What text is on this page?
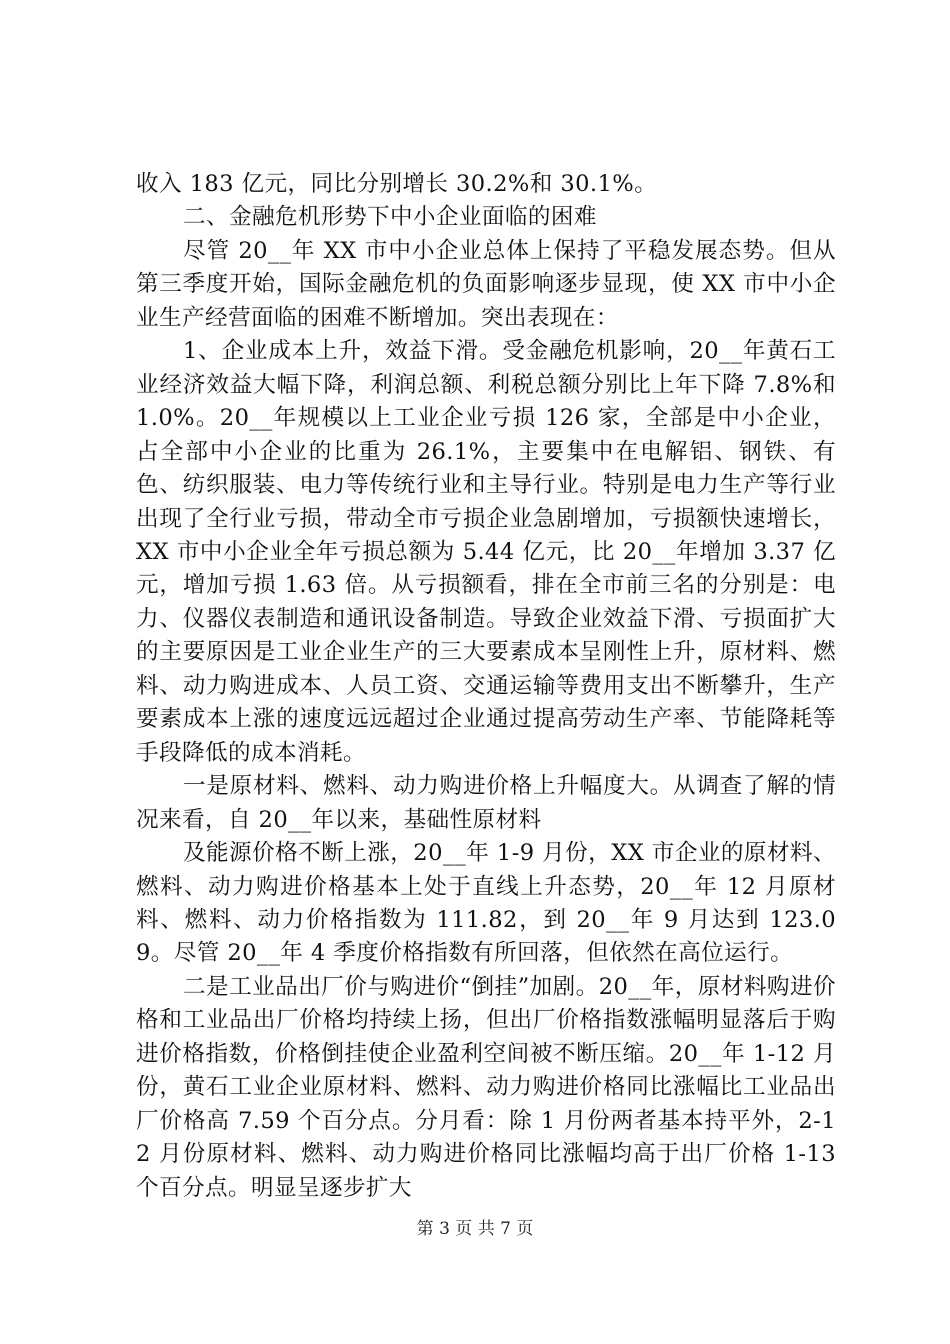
收入 183 亿元，同比分别增长 30.2%和 30.1%。

二、金融危机形势下中小企业面临的困难

尽管 20__年 XX 市中小企业总体上保持了平稳发展态势。但从第三季度开始，国际金融危机的负面影响逐步显现，使 XX 市中小企业生产经营面临的困难不断增加。突出表现在：

1、企业成本上升，效益下滑。受金融危机影响，20__年黄石工业经济效益大幅下降，利润总额、利税总额分别比上年下降 7.8%和 1.0%。20__年规模以上工业企业亏损 126 家，全部是中小企业，占全部中小企业的比重为 26.1%，主要集中在电解铝、钢铁、有色、纺织服装、电力等传统行业和主导行业。特别是电力生产等行业出现了全行业亏损，带动全市亏损企业急剧增加，亏损额快速增长，XX 市中小企业全年亏损总额为 5.44 亿元，比 20__年增加 3.37 亿元，增加亏损 1.63 倍。从亏损额看，排在全市前三名的分别是：电力、仪器仪表制造和通讯设备制造。导致企业效益下滑、亏损面扩大的主要原因是工业企业生产的三大要素成本呈刚性上升，原材料、燃料、动力购进成本、人员工资、交通运输等费用支出不断攀升，生产要素成本上涨的速度远远超过企业通过提高劳动生产率、节能降耗等手段降低的成本消耗。

一是原材料、燃料、动力购进价格上升幅度大。从调查了解的情况来看，自 20__年以来，基础性原材料

及能源价格不断上涨，20__年 1-9 月份，XX 市企业的原材料、燃料、动力购进价格基本上处于直线上升态势，20__年 12 月原材料、燃料、动力价格指数为 111.82，到 20__年 9 月达到 123.09。尽管 20__年 4 季度价格指数有所回落，但依然在高位运行。

二是工业品出厂价与购进价“倒挂”加剧。20__年，原材料购进价格和工业品出厂价格均持续上扬，但出厂价格指数涨幅明显落后于购进价格指数，价格倒挂使企业盈利空间被不断压缩。20__年 1-12 月份，黄石工业企业原材料、燃料、动力购进价格同比涨幅比工业品出厂价格高 7.59 个百分点。分月看：除 1 月份两者基本持平外，2-12 月份原材料、燃料、动力购进价格同比涨幅均高于出厂价格 1-13 个百分点。明显呈逐步扩大

第 3 页 共 7 页
